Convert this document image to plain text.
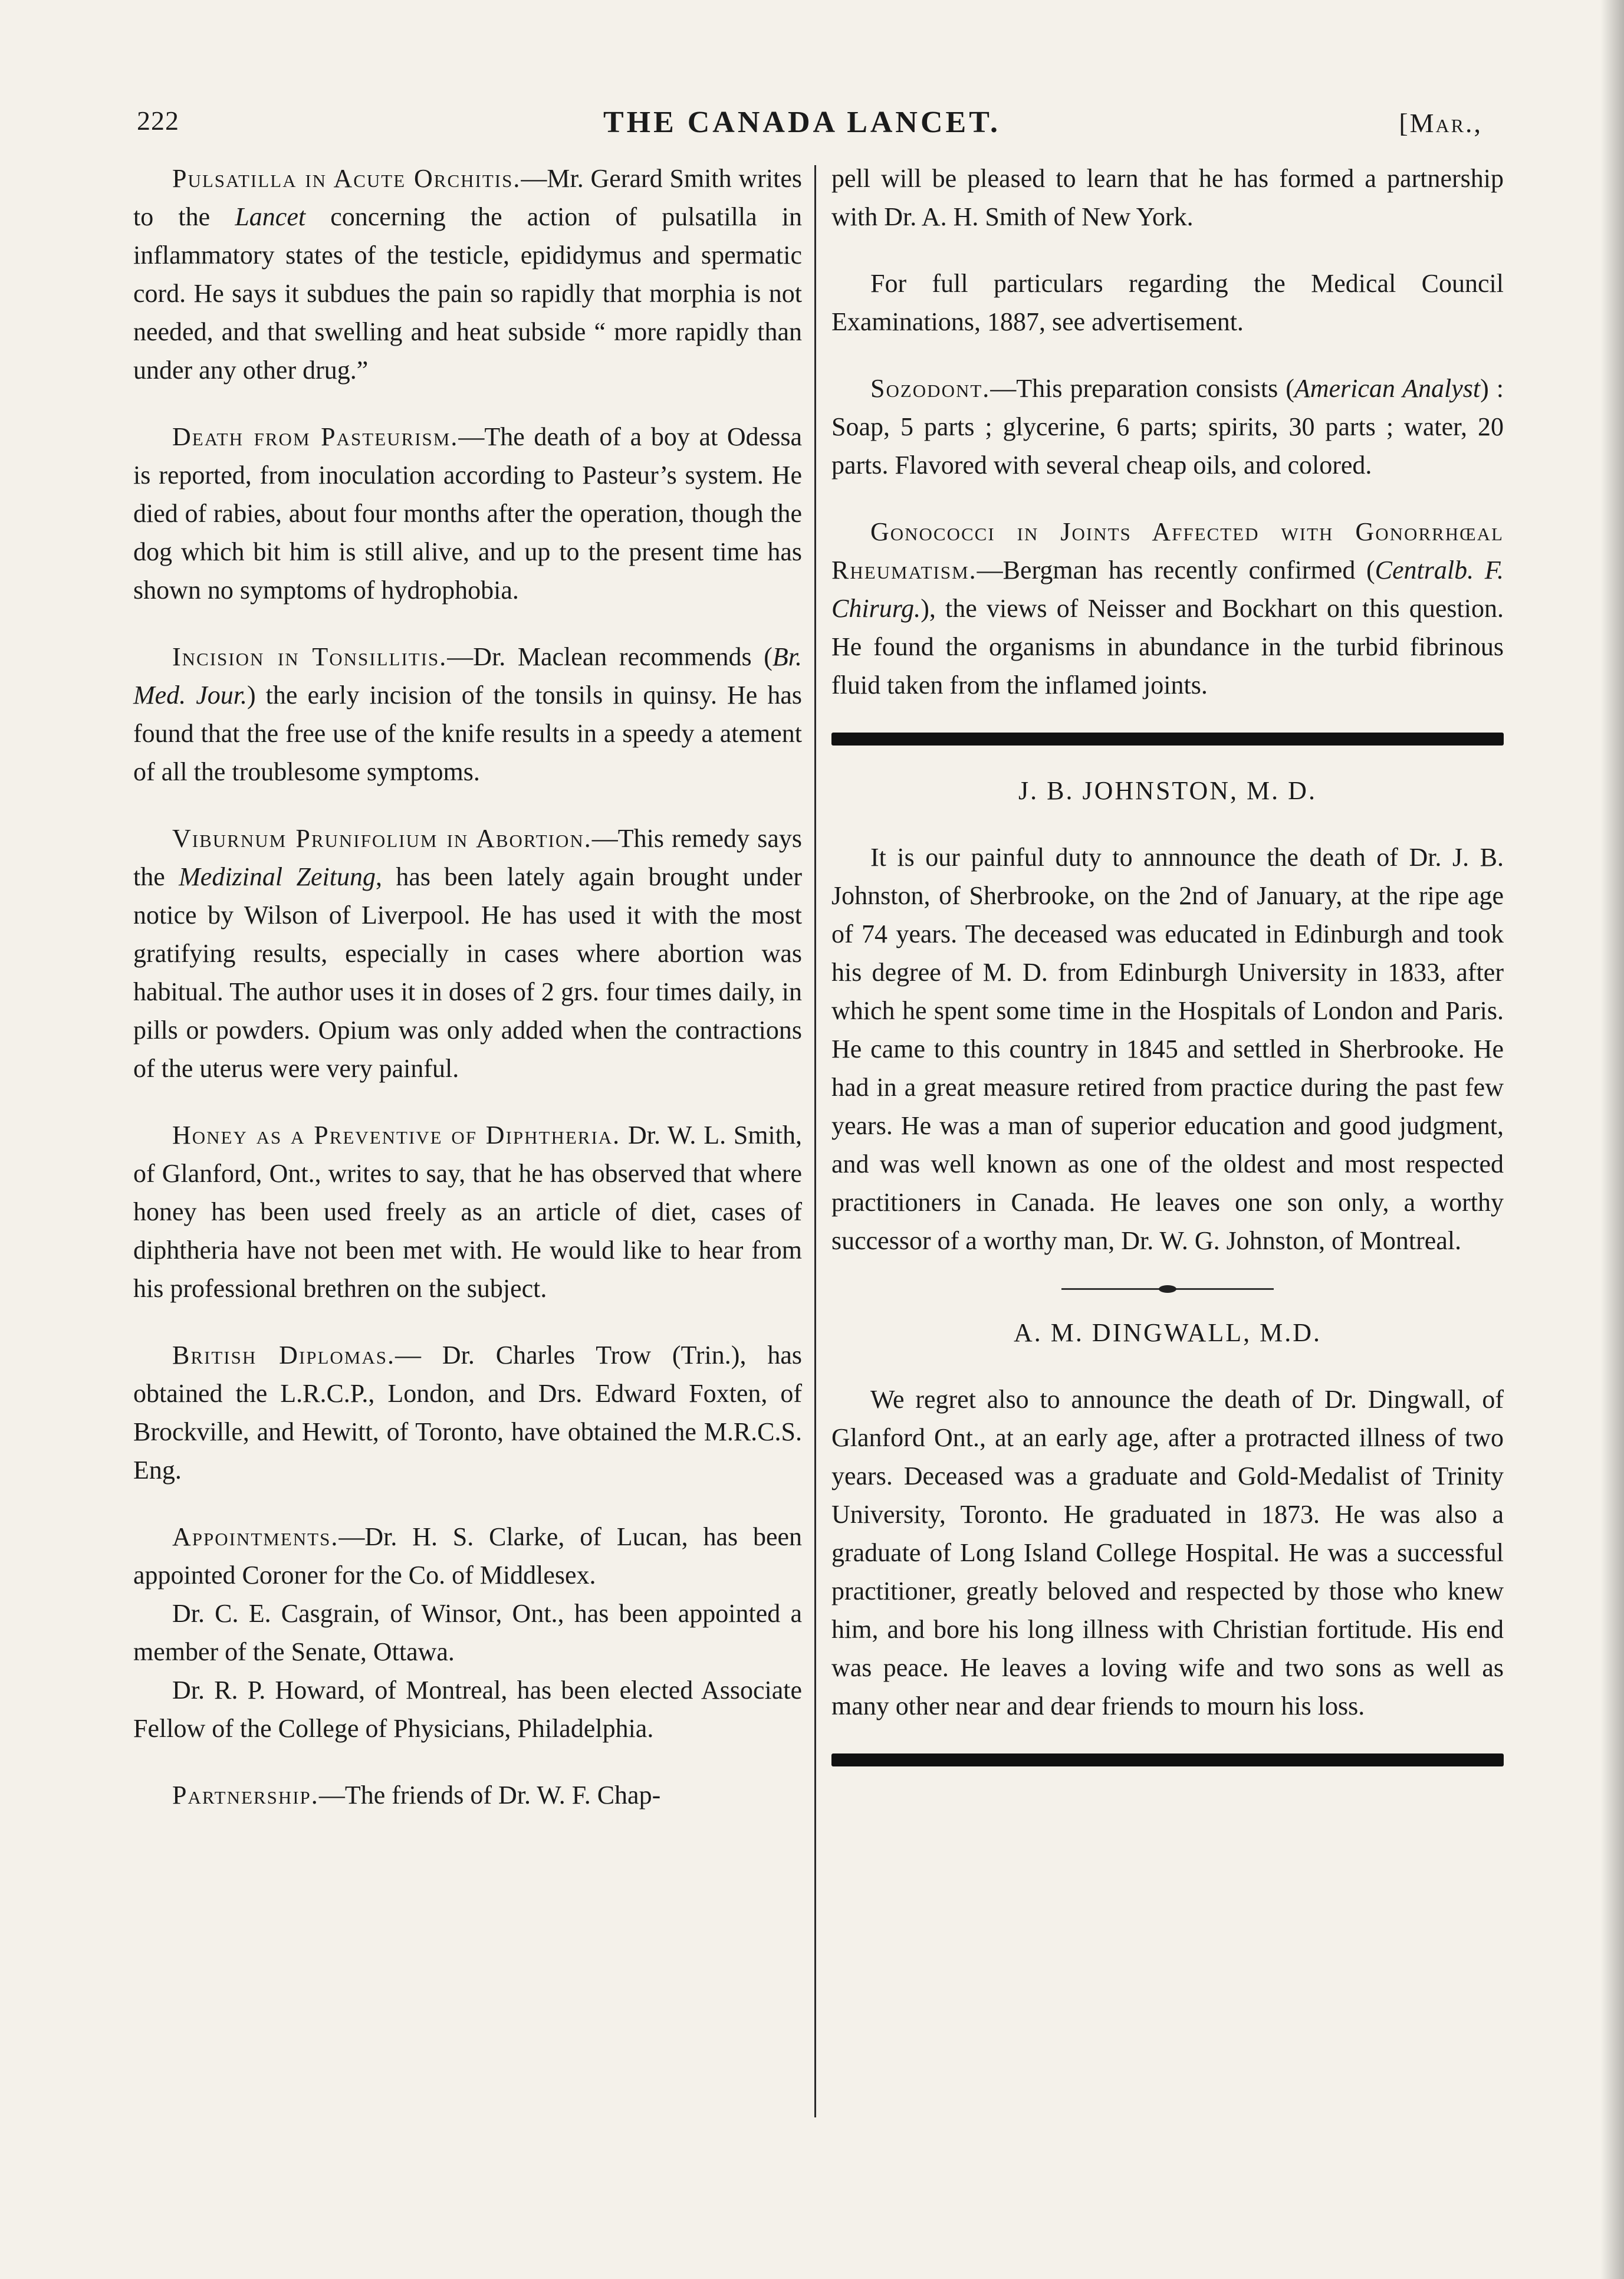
222	THE CANADA LANCET.	[Mar.,

Pulsatilla in Acute Orchitis.—Mr. Gerard Smith writes to the Lancet concerning the action of pulsatilla in inflammatory states of the testicle, epididymus and spermatic cord. He says it subdues the pain so rapidly that morphia is not needed, and that swelling and heat subside “ more rapidly than under any other drug.”

Death from Pasteurism.—The death of a boy at Odessa is reported, from inoculation according to Pasteur’s system. He died of rabies, about four months after the operation, though the dog which bit him is still alive, and up to the present time has shown no symptoms of hydrophobia.

Incision in Tonsillitis.—Dr. Maclean recommends (Br. Med. Jour.) the early incision of the tonsils in quinsy. He has found that the free use of the knife results in a speedy a atement of all the troublesome symptoms.

Viburnum Prunifolium in Abortion.—This remedy says the Medizinal Zeitung, has been lately again brought under notice by Wilson of Liverpool. He has used it with the most gratifying results, especially in cases where abortion was habitual. The author uses it in doses of 2 grs. four times daily, in pills or powders. Opium was only added when the contractions of the uterus were very painful.

Honey as a Preventive of Diphtheria. Dr. W. L. Smith, of Glanford, Ont., writes to say, that he has observed that where honey has been used freely as an article of diet, cases of diphtheria have not been met with. He would like to hear from his professional brethren on the subject.

British Diplomas.— Dr. Charles Trow (Trin.), has obtained the L.R.C.P., London, and Drs. Edward Foxten, of Brockville, and Hewitt, of Toronto, have obtained the M.R.C.S. Eng.

Appointments.—Dr. H. S. Clarke, of Lucan, has been appointed Coroner for the Co. of Middlesex.

Dr. C. E. Casgrain, of Winsor, Ont., has been appointed a member of the Senate, Ottawa.

Dr. R. P. Howard, of Montreal, has been elected Associate Fellow of the College of Physicians, Philadelphia.

Partnership.—The friends of Dr. W. F. Chap-

pell will be pleased to learn that he has formed a partnership with Dr. A. H. Smith of New York.

For full particulars regarding the Medical Council Examinations, 1887, see advertisement.

Sozodont.—This preparation consists (American Analyst) : Soap, 5 parts ; glycerine, 6 parts; spirits, 30 parts ; water, 20 parts. Flavored with several cheap oils, and colored.

Gonococci in Joints Affected with Gonorrhœal Rheumatism.—Bergman has recently confirmed (Centralb. F. Chirurg.), the views of Neisser and Bockhart on this question. He found the organisms in abundance in the turbid fibrinous fluid taken from the inflamed joints.

J. B. JOHNSTON, M. D.

It is our painful duty to annnounce the death of Dr. J. B. Johnston, of Sherbrooke, on the 2nd of January, at the ripe age of 74 years. The deceased was educated in Edinburgh and took his degree of M. D. from Edinburgh University in 1833, after which he spent some time in the Hospitals of London and Paris. He came to this country in 1845 and settled in Sherbrooke. He had in a great measure retired from practice during the past few years. He was a man of superior education and good judgment, and was well known as one of the oldest and most respected practitioners in Canada. He leaves one son only, a worthy successor of a worthy man, Dr. W. G. Johnston, of Montreal.

A. M. DINGWALL, M.D.

We regret also to announce the death of Dr. Dingwall, of Glanford Ont., at an early age, after a protracted illness of two years. Deceased was a graduate and Gold-Medalist of Trinity University, Toronto. He graduated in 1873. He was also a graduate of Long Island College Hospital. He was a successful practitioner, greatly beloved and respected by those who knew him, and bore his long illness with Christian fortitude. His end was peace. He leaves a loving wife and two sons as well as many other near and dear friends to mourn his loss.
